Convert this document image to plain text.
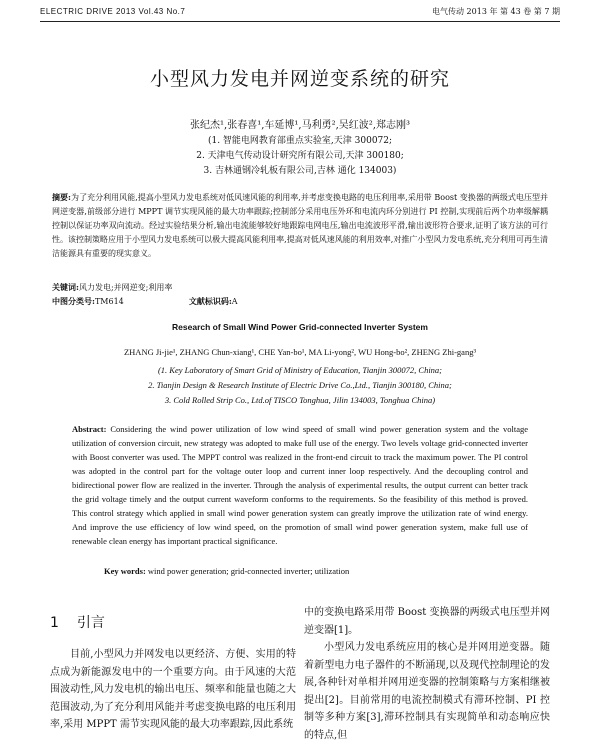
ELECTRIC DRIVE 2013 Vol.43 No.7	电气传动 2013 年 第 43 卷 第 7 期
小型风力发电并网逆变系统的研究
张纪杰¹,张春喜¹,车延博¹,马利勇²,吴红波²,郑志刚³
(1. 智能电网教育部重点实验室,天津 300072;
2. 天津电气传动设计研究所有限公司,天津 300180;
3. 吉林通钢冷轧板有限公司,吉林 通化 134003)
摘要:为了充分利用风能,提高小型风力发电系统对低风速风能的利用率,并考虑变换电路的电压利用率,采用带 Boost 变换器的两级式电压型并网逆变器,前级部分进行 MPPT 调节实现风能的最大功率跟踪;控制部分采用电压外环和电流内环分别进行 PI 控制,实现前后两个功率级解耦控制以保证功率双向流动。经过实验结果分析,输出电流能够较好地跟踪电网电压,输出电流波形平滑,输出波形符合要求,证明了该方法的可行性。该控制策略应用于小型风力发电系统可以极大提高风能利用率,提高对低风速风能的利用效率,对推广小型风力发电系统,充分利用可再生清洁能源具有重要的现实意义。
关键词:风力发电;并网逆变;利用率
中图分类号:TM614	文献标识码:A
Research of Small Wind Power Grid-connected Inverter System
ZHANG Ji-jie¹, ZHANG Chun-xiang¹, CHE Yan-bo¹, MA Li-yong², WU Hong-bo², ZHENG Zhi-gang³
(1. Key Laboratory of Smart Grid of Ministry of Education, Tianjin 300072, China;
2. Tianjin Design & Research Institute of Electric Drive Co.,Ltd., Tianjin 300180, China;
3. Cold Rolled Strip Co., Ltd.of TISCO Tonghua, Jilin 134003, Tonghua China)
Abstract: Considering the wind power utilization of low wind speed of small wind power generation system and the voltage utilization of conversion circuit, new strategy was adopted to make full use of the energy. Two levels voltage grid-connected inverter with Boost converter was used. The MPPT control was realized in the front-end circuit to track the maximum power. The PI control was adopted in the control part for the voltage outer loop and current inner loop respectively. And the decoupling control and bidirectional power flow are realized in the inverter. Through the analysis of experimental results, the output current can better track the grid voltage timely and the output current waveform conforms to the requirements. So the feasibility of this method is proved. This control strategy which applied in small wind power generation system can greatly improve the utilization rate of wind energy. And improve the use efficiency of low wind speed, on the promotion of small wind power generation system, make full use of renewable clean energy has important practical significance.
Key words: wind power generation; grid-connected inverter; utilization
1 引言

目前,小型风力并网发电以更经济、方便、实用的特点成为新能源发电中的一个重要方向。由于风速的大范围波动性,风力发电机的输出电压、频率和能量也随之大范围波动,为了充分利用风能并考虑变换电路的电压利用率,采用 MPPT 需节实现风能的最大功率跟踪,因此系统

中的变换电路采用带 Boost 变换器的两级式电压型并网逆变器[1]。

小型风力发电系统应用的核心是并网用逆变器。随着新型电力电子器件的不断涌现,以及现代控制理论的发展,各种针对单相并网用逆变器的控制策略与方案相继被提出[2]。目前常用的电流控制模式有滞环控制、PI 控制等多种方案[3],滞环控制具有实现简单和动态响应快的特点,但
